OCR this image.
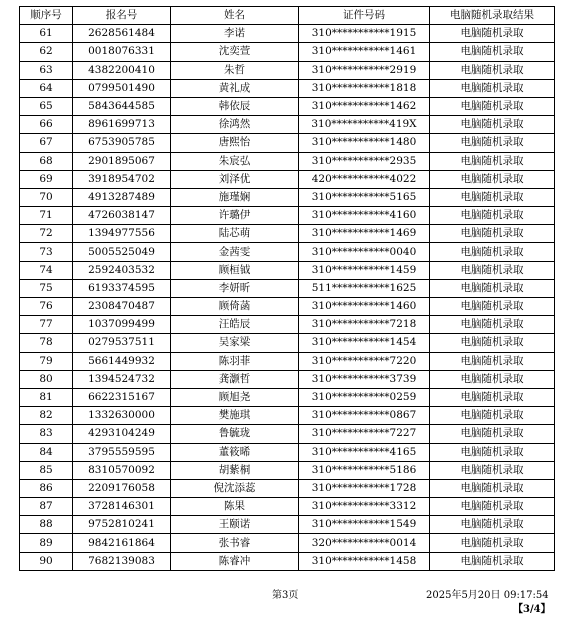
顺序号	报名号	姓名	证件号码	电脑随机录取结果
61	2628561484	李诺	310***********1915	电脑随机录取
62	0018076331	沈奕萱	310***********1461	电脑随机录取
63	4382200410	朱哲	310***********2919	电脑随机录取
64	0799501490	黄礼成	310***********1818	电脑随机录取
65	5843644585	韩依辰	310***********1462	电脑随机录取
66	8961699713	徐鸿然	310***********419X	电脑随机录取
67	6753905785	唐熙怡	310***********1480	电脑随机录取
68	2901895067	朱宸弘	310***********2935	电脑随机录取
69	3918954702	刘泽优	420***********4022	电脑随机录取
70	4913287489	施瑾娴	310***********5165	电脑随机录取
71	4726038147	许璐伊	310***********4160	电脑随机录取
72	1394977556	陆芯萌	310***********1469	电脑随机录取
73	5005525049	金茜雯	310***********0040	电脑随机录取
74	2592403532	顾桓钺	310***********1459	电脑随机录取
75	6193374595	李妍昕	511***********1625	电脑随机录取
76	2308470487	顾倚菡	310***********1460	电脑随机录取
77	1037099499	汪皓辰	310***********7218	电脑随机录取
78	0279537511	吴家梁	310***********1454	电脑随机录取
79	5661449932	陈羽菲	310***********7220	电脑随机录取
80	1394524732	龚灏哲	310***********3739	电脑随机录取
81	6622315167	顾旭尧	310***********0259	电脑随机录取
82	1332630000	樊施琪	310***********0867	电脑随机录取
83	4293104249	鲁毓珑	310***********7227	电脑随机录取
84	3795559595	董筱晞	310***********4165	电脑随机录取
85	8310570092	胡紫桐	310***********5186	电脑随机录取
86	2209176058	倪沈添蕊	310***********1728	电脑随机录取
87	3728146301	陈果	310***********3312	电脑随机录取
88	9752810241	王颐诺	310***********1549	电脑随机录取
89	9842161864	张书睿	320***********0014	电脑随机录取
90	7682139083	陈睿冲	310***********1458	电脑随机录取
第3页	2025年5月20日 09:17:54
【3/4】
